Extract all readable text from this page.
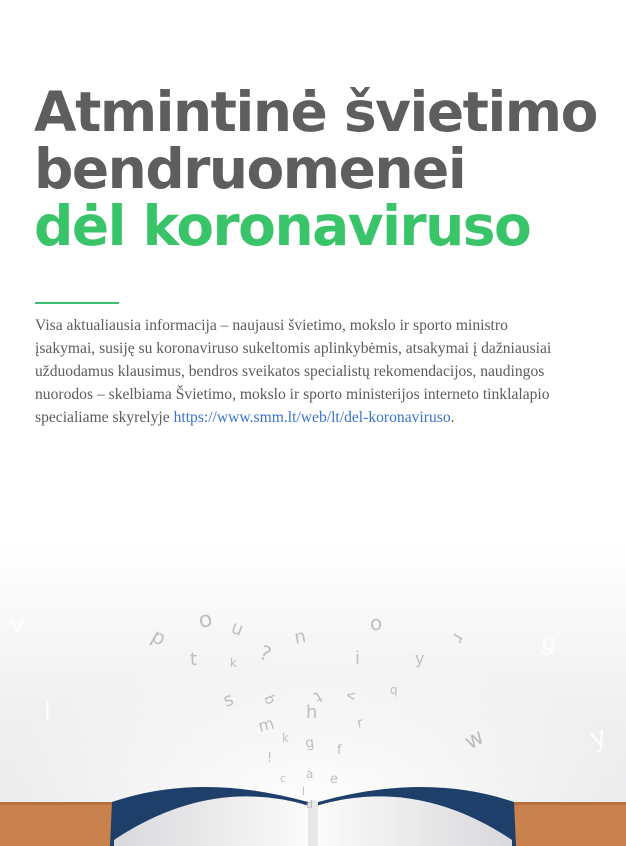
Atmintinė švietimo
bendruomenei
dėl koronaviruso

Visa aktualiausia informacija – naujausi švietimo, mokslo ir sporto ministro įsakymai, susiję su koronaviruso sukeltomis aplinkybėmis, atsakymai į dažniausiai užduodamus klausimus, bendros sveikatos specialistų rekomendacijos, naudingos nuorodos – skelbiama Švietimo, mokslo ir sporto ministerijos interneto tinklalapio specialiame skyrelyje https://www.smm.lt/web/lt/del-koronaviruso.

p
o u	u
o
r
t	k ?	i	y
s b t v	q
h
m
k
r
g f
!
c a e
l
d
g
y
w
v
l
